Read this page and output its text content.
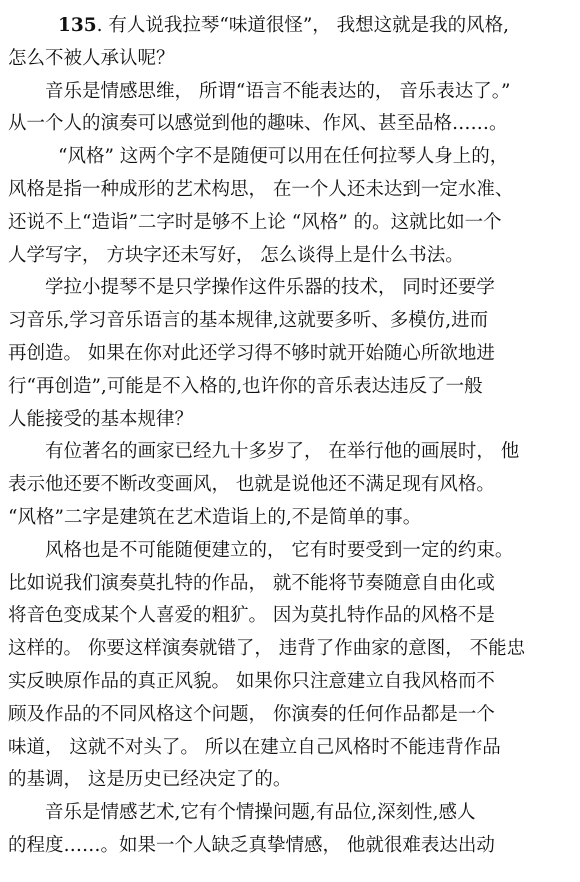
135. 有人说我拉琴“味道很怪”， 我想这就是我的风格,
怎么不被人承认呢？
音乐是情感思维， 所谓“语言不能表达的， 音乐表达了。”
从一个人的演奏可以感觉到他的趣味、作风、甚至品格……。
“风格” 这两个字不是随便可以用在任何拉琴人身上的，
风格是指一种成形的艺术构思， 在一个人还未达到一定水准、
还说不上“造诣”二字时是够不上论 “风格” 的。这就比如一个
人学写字， 方块字还未写好， 怎么谈得上是什么书法。
学拉小提琴不是只学操作这件乐器的技术， 同时还要学
习音乐,学习音乐语言的基本规律,这就要多听、多模仿,进而
再创造。 如果在你对此还学习得不够时就开始随心所欲地进
行“再创造”,可能是不入格的,也许你的音乐表达违反了一般
人能接受的基本规律？
有位著名的画家已经九十多岁了， 在举行他的画展时， 他
表示他还要不断改变画风， 也就是说他还不满足现有风格。
“风格”二字是建筑在艺术造诣上的,不是简单的事。
风格也是不可能随便建立的， 它有时要受到一定的约束。
比如说我们演奏莫扎特的作品， 就不能将节奏随意自由化或
将音色变成某个人喜爱的粗犷。 因为莫扎特作品的风格不是
这样的。 你要这样演奏就错了， 违背了作曲家的意图， 不能忠
实反映原作品的真正风貌。 如果你只注意建立自我风格而不
顾及作品的不同风格这个问题， 你演奏的任何作品都是一个
味道， 这就不对头了。 所以在建立自己风格时不能违背作品
的基调， 这是历史已经决定了的。
音乐是情感艺术,它有个情操问题,有品位,深刻性,感人
的程度……。如果一个人缺乏真挚情感， 他就很难表达出动
